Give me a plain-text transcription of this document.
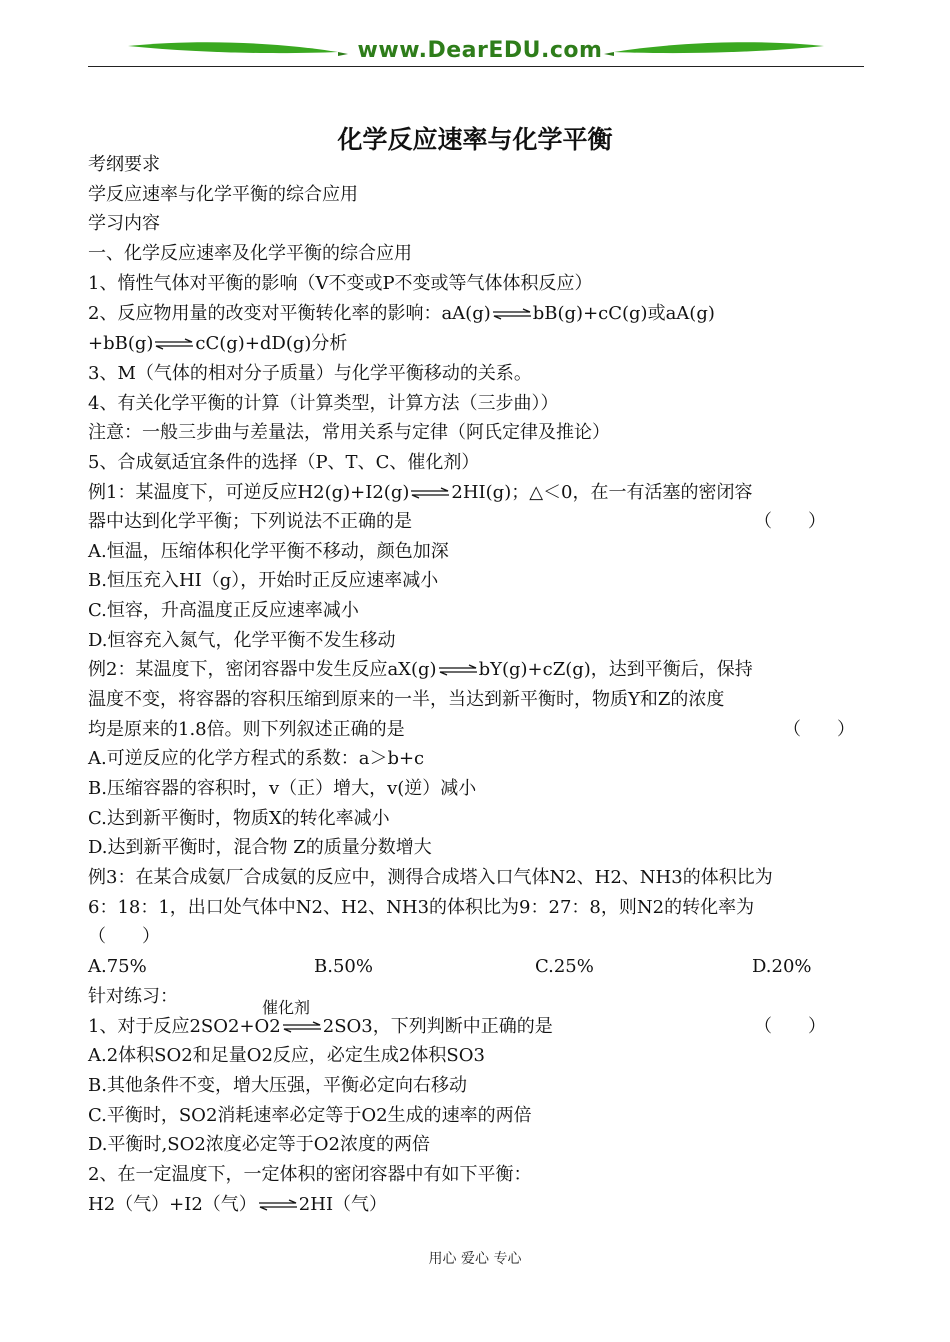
www.DearEDU.com
化学反应速率与化学平衡
考纲要求
学反应速率与化学平衡的综合应用
学习内容
一、化学反应速率及化学平衡的综合应用
1、惰性气体对平衡的影响（V不变或P不变或等气体体积反应）
2、反应物用量的改变对平衡转化率的影响：aA(g)⇌bB(g)+cC(g)或aA(g)
+bB(g)⇌cC(g)+dD(g)分析
3、M（气体的相对分子质量）与化学平衡移动的关系。
4、有关化学平衡的计算（计算类型，计算方法（三步曲））
注意：一般三步曲与差量法，常用关系与定律（阿氏定律及推论）
5、合成氨适宜条件的选择（P、T、C、催化剂）
例1：某温度下，可逆反应H2(g)+I2(g)⇌2HI(g)；△＜0，在一有活塞的密闭容
器中达到化学平衡；下列说法不正确的是	（　　）
A.恒温，压缩体积化学平衡不移动，颜色加深
B.恒压充入HI（g），开始时正反应速率减小
C.恒容，升高温度正反应速率减小
D.恒容充入氮气，化学平衡不发生移动
例2：某温度下，密闭容器中发生反应aX(g)⇌bY(g)+cZ(g)，达到平衡后，保持
温度不变，将容器的容积压缩到原来的一半，当达到新平衡时，物质Y和Z的浓度
均是原来的1.8倍。则下列叙述正确的是	（　　）
A.可逆反应的化学方程式的系数：a＞b+c
B.压缩容器的容积时，v（正）增大，v(逆）减小
C.达到新平衡时，物质X的转化率减小
D.达到新平衡时，混合物 Z的质量分数增大
例3：在某合成氨厂合成氨的反应中，测得合成塔入口气体N2、H2、NH3的体积比为
6：18：1，出口处气体中N2、H2、NH3的体积比为9：27：8，则N2的转化率为
（　　）
A.75%	B.50%	C.25%	D.20%
针对练习：
催化剂
1、对于反应2SO2+O2⇌2SO3，下列判断中正确的是	（　　）
A.2体积SO2和足量O2反应，必定生成2体积SO3
B.其他条件不变，增大压强，平衡必定向右移动
C.平衡时，SO2消耗速率必定等于O2生成的速率的两倍
D.平衡时,SO2浓度必定等于O2浓度的两倍
2、在一定温度下，一定体积的密闭容器中有如下平衡：
H2（气）+I2（气）⇌2HI（气）
用心 爱心 专心
